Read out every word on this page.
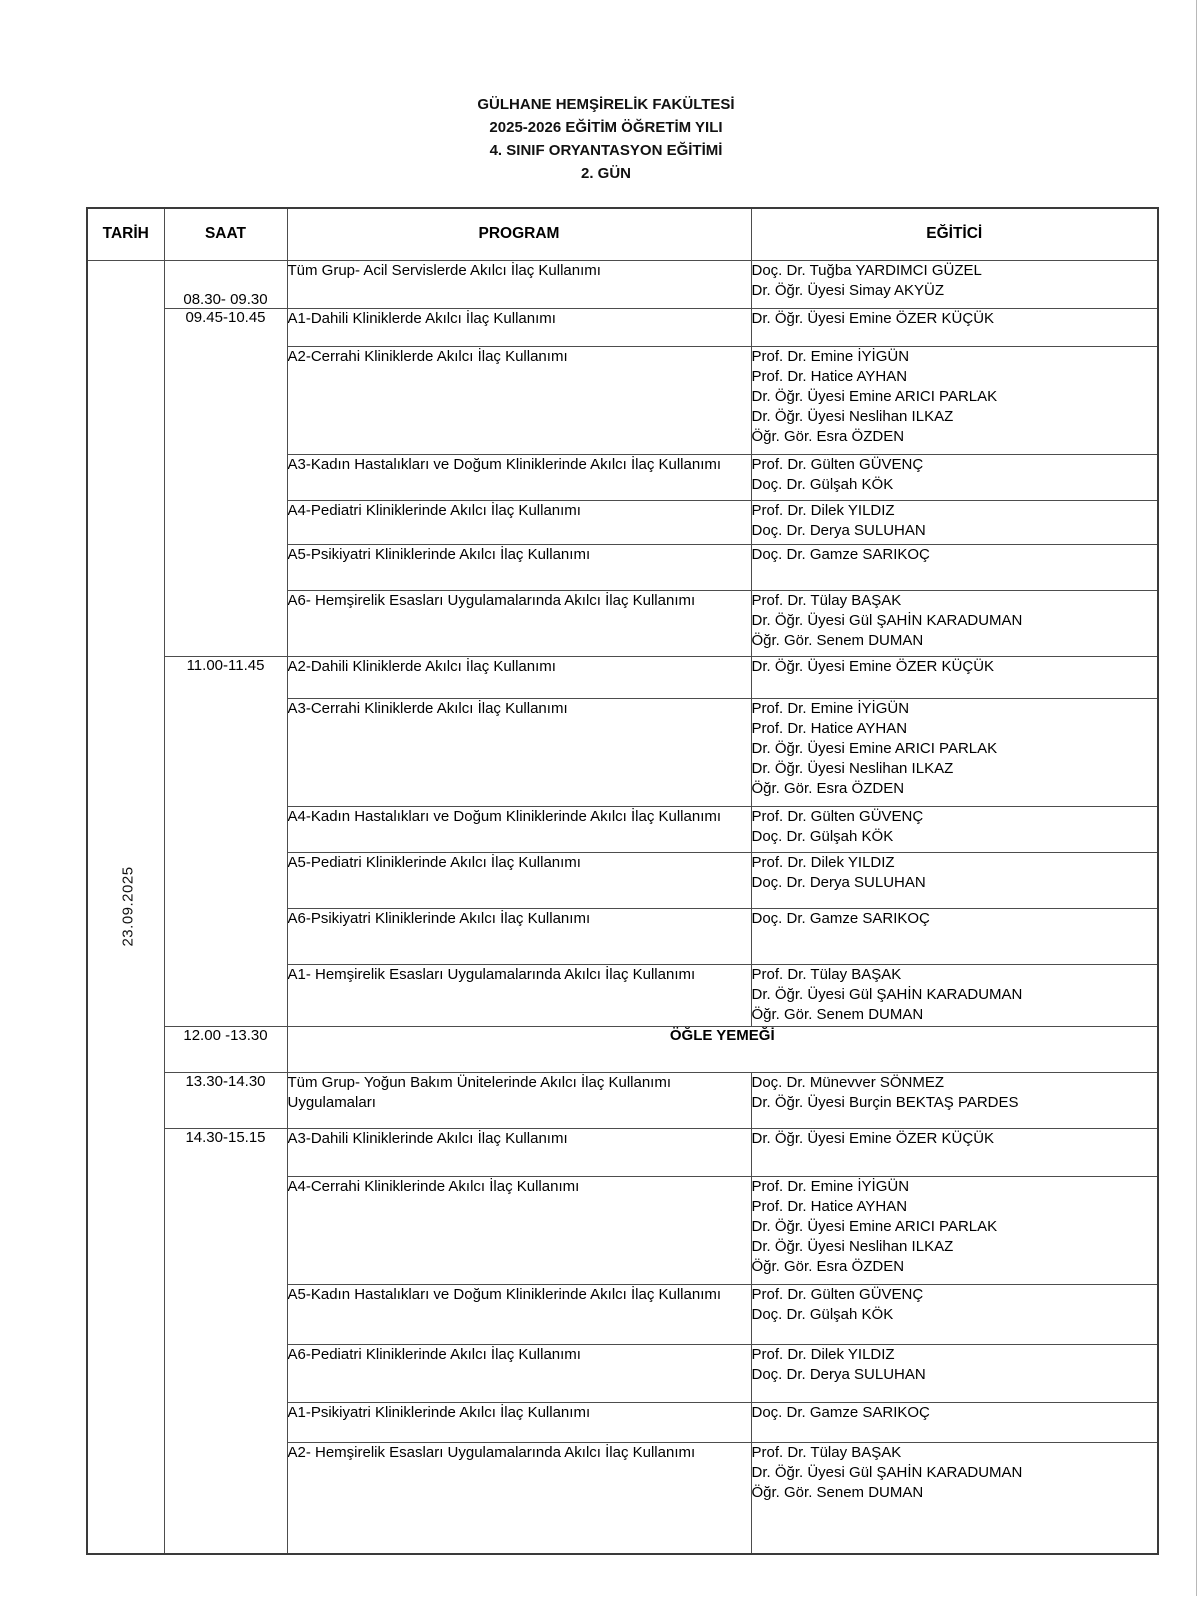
GÜLHANE HEMŞİRELİK FAKÜLTESİ
2025-2026 EĞİTİM ÖĞRETİM YILI
4. SINIF ORYANTASYON EĞİTİMİ
2. GÜN
TARİH	SAAT	PROGRAM	EĞİTİCİ
23.09.2025	08.30- 09.30	Tüm Grup- Acil Servislerde Akılcı İlaç Kullanımı	Doç. Dr. Tuğba YARDIMCI GÜZEL
Dr. Öğr. Üyesi Simay AKYÜZ

	09.45-10.45	A1-Dahili Kliniklerde Akılcı İlaç Kullanımı	Dr. Öğr. Üyesi Emine ÖZER KÜÇÜK

		A2-Cerrahi Kliniklerde Akılcı İlaç Kullanımı	Prof. Dr. Emine İYİGÜN
Prof. Dr. Hatice AYHAN
Dr. Öğr. Üyesi Emine ARICI PARLAK
Dr. Öğr. Üyesi Neslihan ILKAZ
Öğr. Gör. Esra ÖZDEN

		A3-Kadın Hastalıkları ve Doğum Kliniklerinde Akılcı İlaç Kullanımı	Prof. Dr. Gülten GÜVENÇ
Doç. Dr. Gülşah KÖK

		A4-Pediatri Kliniklerinde Akılcı İlaç Kullanımı	Prof. Dr. Dilek YILDIZ
Doç. Dr. Derya SULUHAN

		A5-Psikiyatri Kliniklerinde Akılcı İlaç Kullanımı	Doç. Dr. Gamze SARIKOÇ

		A6- Hemşirelik Esasları Uygulamalarında Akılcı İlaç Kullanımı	Prof. Dr. Tülay BAŞAK
Dr. Öğr. Üyesi Gül ŞAHİN KARADUMAN
Öğr. Gör. Senem DUMAN

	11.00-11.45	A2-Dahili Kliniklerde Akılcı İlaç Kullanımı	Dr. Öğr. Üyesi Emine ÖZER KÜÇÜK

		A3-Cerrahi Kliniklerde Akılcı İlaç Kullanımı	Prof. Dr. Emine İYİGÜN
Prof. Dr. Hatice AYHAN
Dr. Öğr. Üyesi Emine ARICI PARLAK
Dr. Öğr. Üyesi Neslihan ILKAZ
Öğr. Gör. Esra ÖZDEN

		A4-Kadın Hastalıkları ve Doğum Kliniklerinde Akılcı İlaç Kullanımı	Prof. Dr. Gülten GÜVENÇ
Doç. Dr. Gülşah KÖK

		A5-Pediatri Kliniklerinde Akılcı İlaç Kullanımı	Prof. Dr. Dilek YILDIZ
Doç. Dr. Derya SULUHAN

		A6-Psikiyatri Kliniklerinde Akılcı İlaç Kullanımı	Doç. Dr. Gamze SARIKOÇ

		A1- Hemşirelik Esasları Uygulamalarında Akılcı İlaç Kullanımı	Prof. Dr. Tülay BAŞAK
Dr. Öğr. Üyesi Gül ŞAHİN KARADUMAN
Öğr. Gör. Senem DUMAN

	12.00 -13.30	ÖĞLE YEMEĞİ	
	13.30-14.30	Tüm Grup- Yoğun Bakım Ünitelerinde Akılcı İlaç Kullanımı Uygulamaları	Doç. Dr. Münevver SÖNMEZ
Dr. Öğr. Üyesi Burçin BEKTAŞ PARDES

	14.30-15.15	A3-Dahili Kliniklerinde Akılcı İlaç Kullanımı	Dr. Öğr. Üyesi Emine ÖZER KÜÇÜK

		A4-Cerrahi Kliniklerinde Akılcı İlaç Kullanımı	Prof. Dr. Emine İYİGÜN
Prof. Dr. Hatice AYHAN
Dr. Öğr. Üyesi Emine ARICI PARLAK
Dr. Öğr. Üyesi Neslihan ILKAZ
Öğr. Gör. Esra ÖZDEN

		A5-Kadın Hastalıkları ve Doğum Kliniklerinde Akılcı İlaç Kullanımı	Prof. Dr. Gülten GÜVENÇ
Doç. Dr. Gülşah KÖK

		A6-Pediatri Kliniklerinde Akılcı İlaç Kullanımı	Prof. Dr. Dilek YILDIZ
Doç. Dr. Derya SULUHAN

		A1-Psikiyatri Kliniklerinde Akılcı İlaç Kullanımı	Doç. Dr. Gamze SARIKOÇ

		A2- Hemşirelik Esasları Uygulamalarında Akılcı İlaç Kullanımı	Prof. Dr. Tülay BAŞAK
Dr. Öğr. Üyesi Gül ŞAHİN KARADUMAN
Öğr. Gör. Senem DUMAN
